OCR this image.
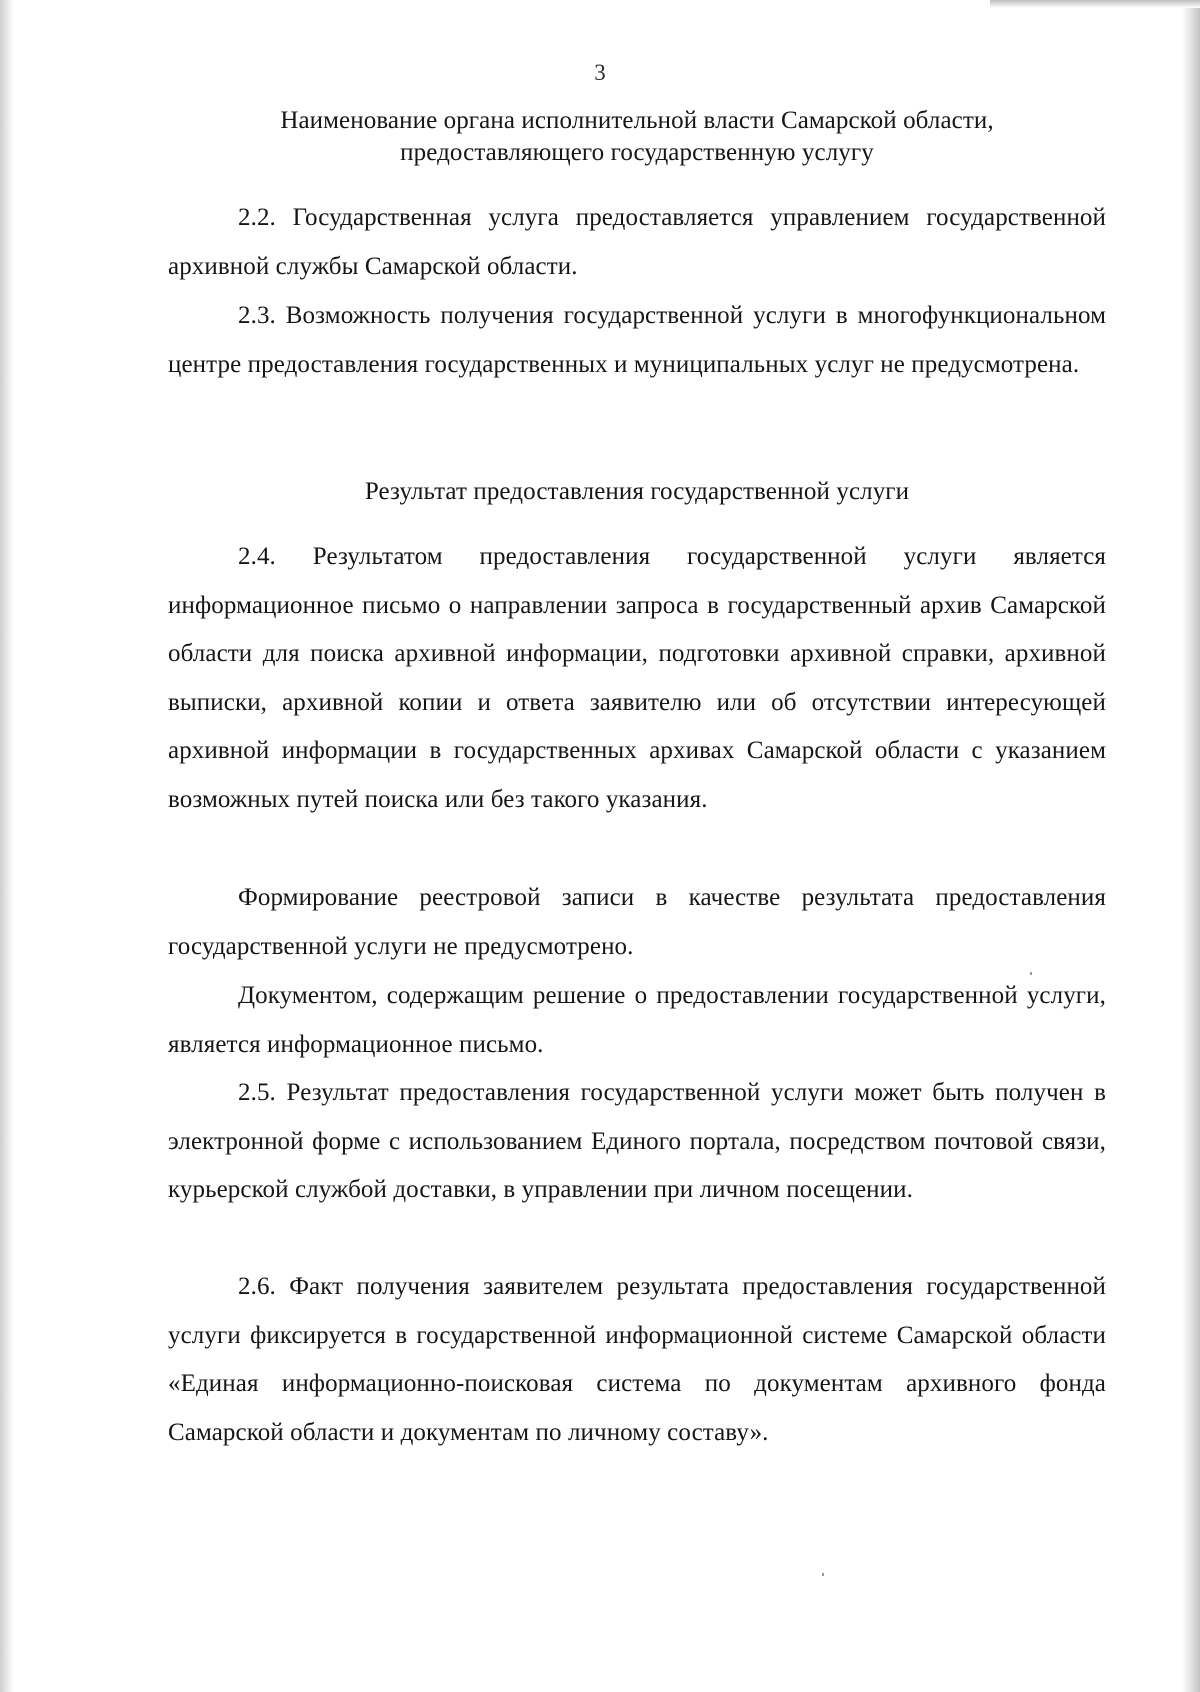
3
Наименование органа исполнительной власти Самарской области,
предоставляющего государственную услугу

2.2. Государственная услуга предоставляется управлением государственной архивной службы Самарской области.

2.3. Возможность получения государственной услуги в многофункциональном центре предоставления государственных и муниципальных услуг не предусмотрена.

Результат предоставления государственной услуги

2.4. Результатом предоставления государственной услуги является информационное письмо о направлении запроса в государственный архив Самарской области для поиска архивной информации, подготовки архивной справки, архивной выписки, архивной копии и ответа заявителю или об отсутствии интересующей архивной информации в государственных архивах Самарской области с указанием возможных путей поиска или без такого указания.

Формирование реестровой записи в качестве результата предоставления государственной услуги не предусмотрено.

Документом, содержащим решение о предоставлении государственной услуги, является информационное письмо.

2.5. Результат предоставления государственной услуги может быть получен в электронной форме с использованием Единого портала, посредством почтовой связи, курьерской службой доставки, в управлении при личном посещении.

2.6. Факт получения заявителем результата предоставления государственной услуги фиксируется в государственной информационной системе Самарской области «Единая информационно-поисковая система по документам архивного фонда Самарской области и документам по личному составу».
